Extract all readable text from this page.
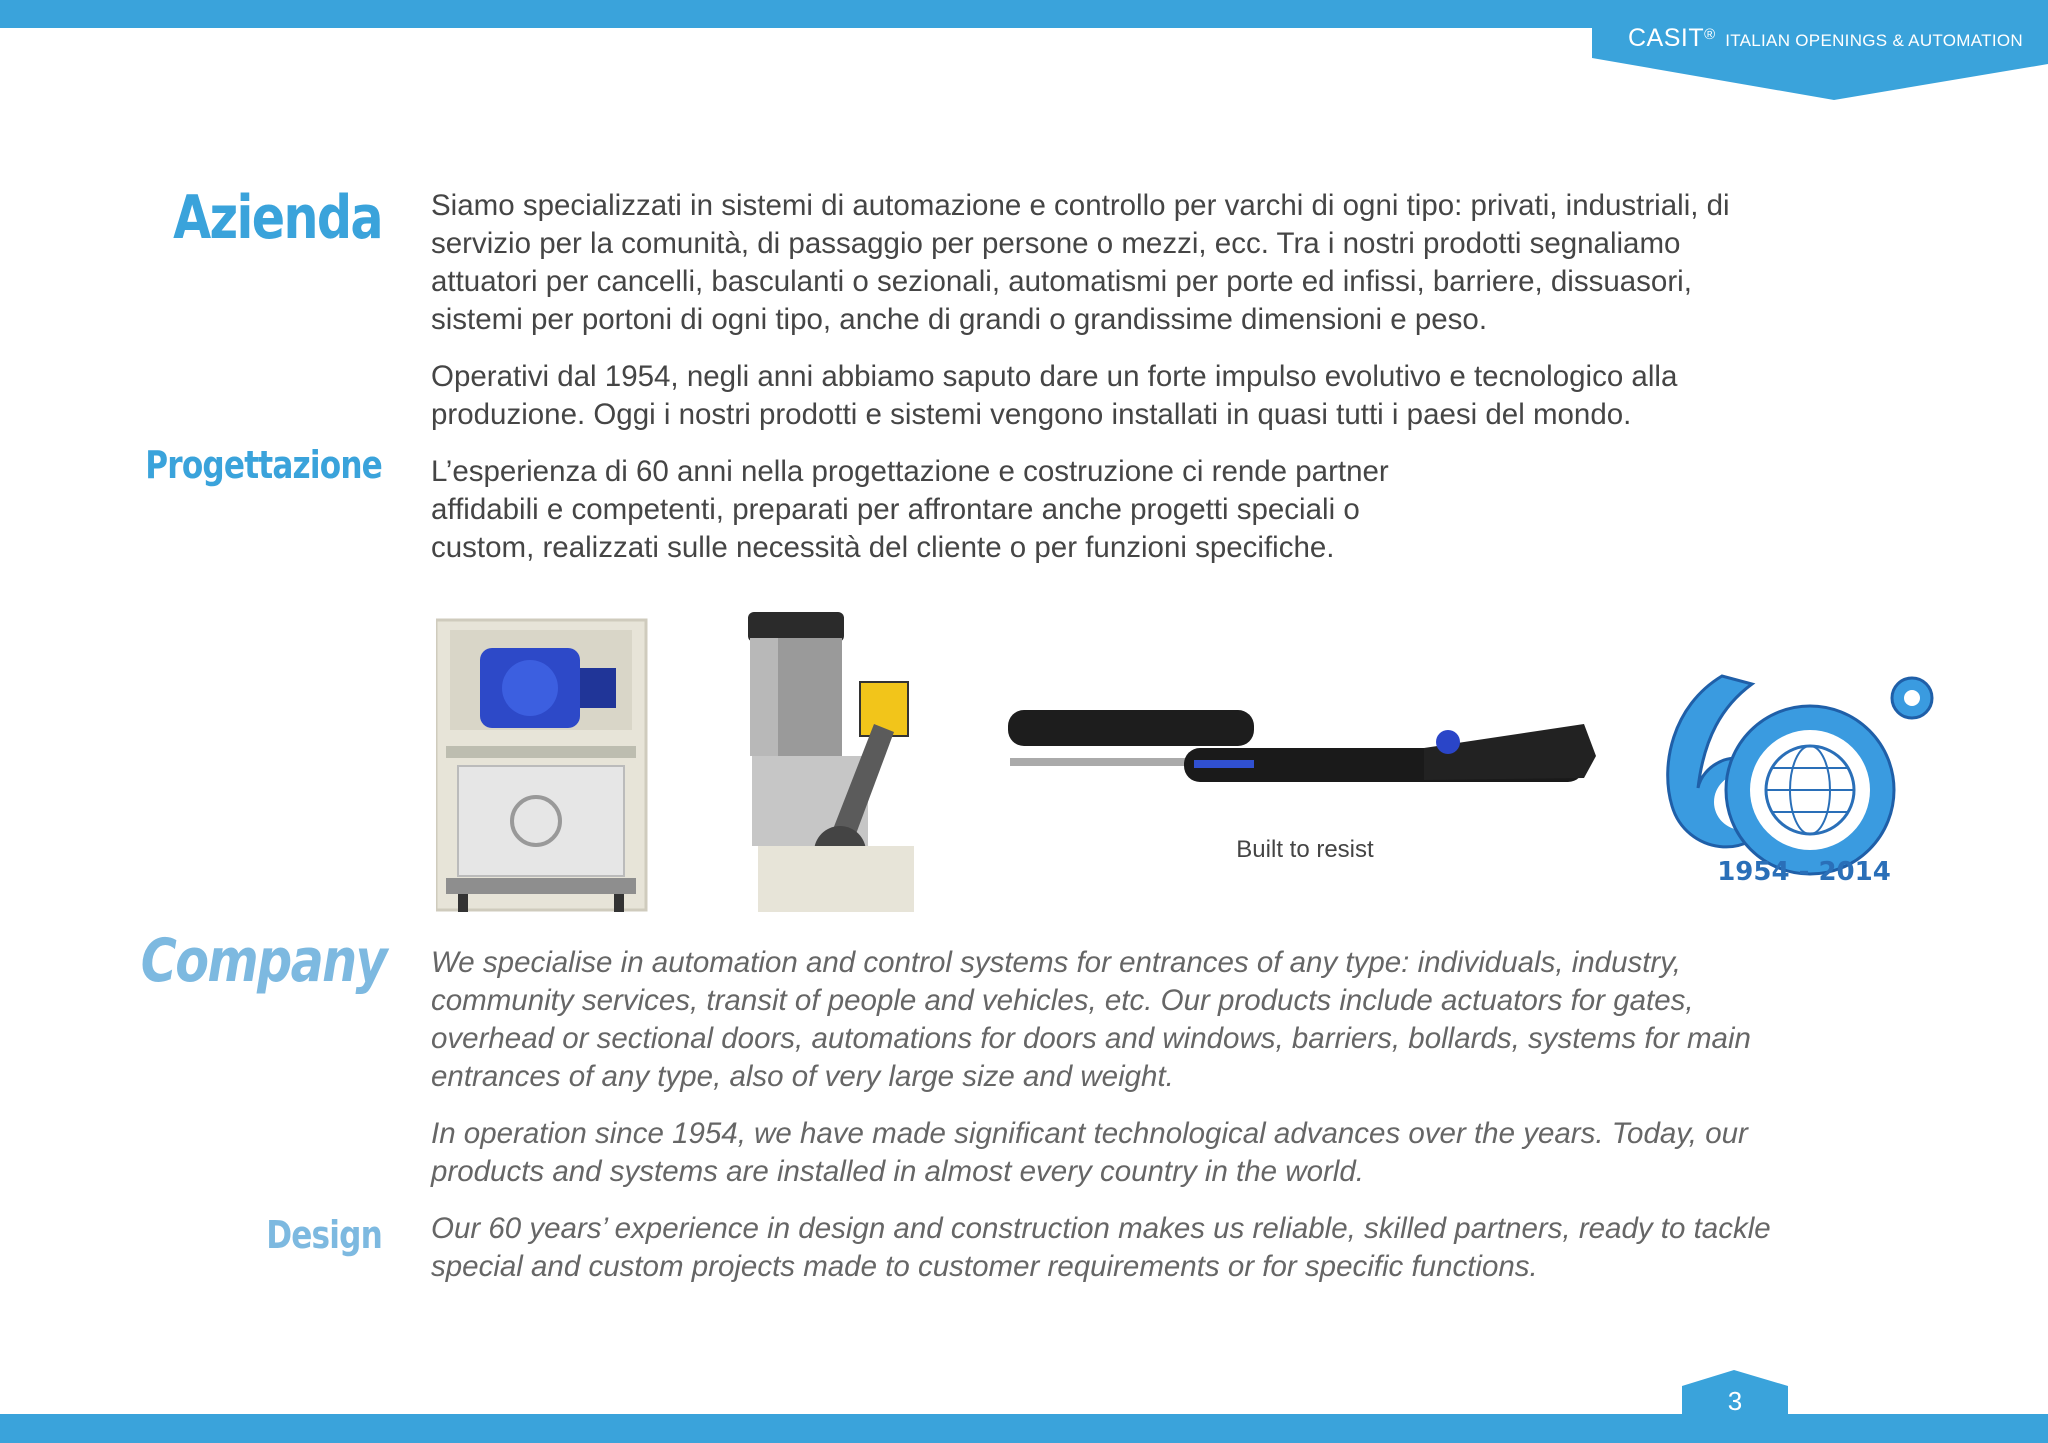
CASIT® ITALIAN OPENINGS & AUTOMATION
Azienda Siamo specializzati in sistemi di automazione e controllo per varchi di ogni tipo: privati, industriali, di servizio per la comunità, di passaggio per persone o mezzi, ecc. Tra i nostri prodotti segnaliamo attuatori per cancelli, basculanti o sezionali, automatismi per porte ed infissi, barriere, dissuasori, sistemi per portoni di ogni tipo, anche di grandi o grandissime dimensioni e peso.

Operativi dal 1954, negli anni abbiamo saputo dare un forte impulso evolutivo e tecnologico alla produzione. Oggi i nostri prodotti e sistemi vengono installati in quasi tutti i paesi del mondo.

Progettazione L’esperienza di 60 anni nella progettazione e costruzione ci rende partner affidabili e competenti, preparati per affrontare anche progetti speciali o custom, realizzati sulle necessità del cliente o per funzioni specifiche.

Built to resist
1954 - 2014
Company We specialise in automation and control systems for entrances of any type: individuals, industry, community services, transit of people and vehicles, etc. Our products include actuators for gates, overhead or sectional doors, automations for doors and windows, barriers, bollards, systems for main entrances of any type, also of very large size and weight.

In operation since 1954, we have made significant technological advances over the years. Today, our products and systems are installed in almost every country in the world.

Design Our 60 years’ experience in design and construction makes us reliable, skilled partners, ready to tackle special and custom projects made to customer requirements or for specific functions.

3
